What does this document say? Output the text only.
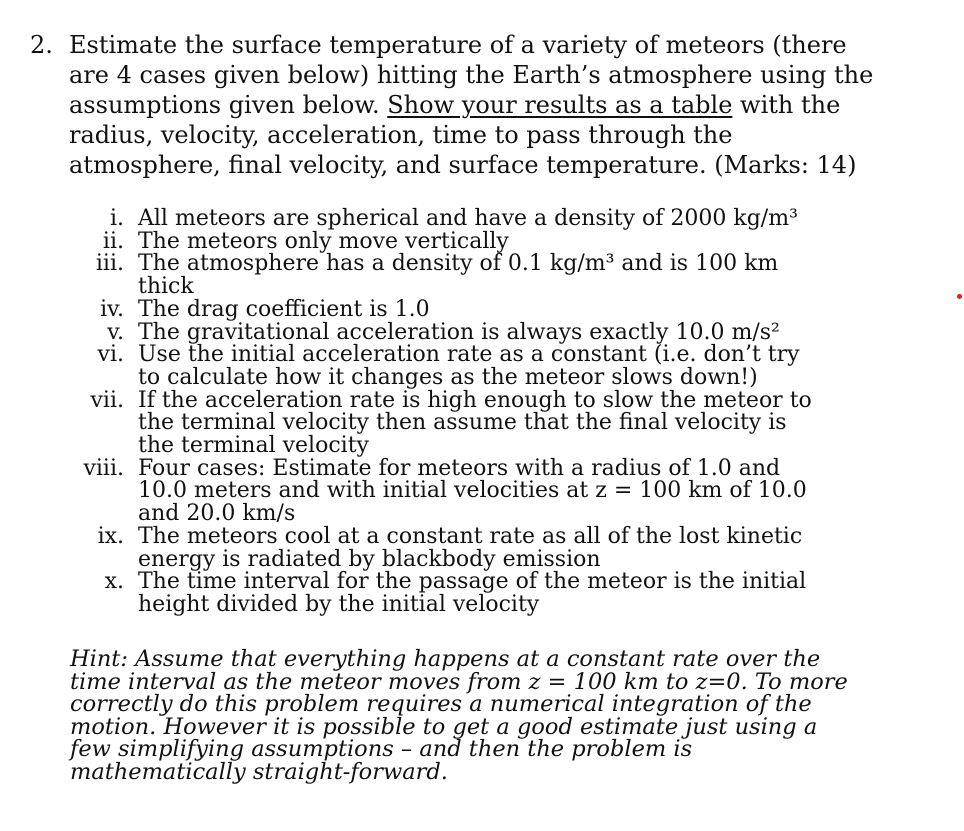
2. Estimate the surface temperature of a variety of meteors (there
are 4 cases given below) hitting the Earth’s atmosphere using the
assumptions given below. Show your results as a table with the
radius, velocity, acceleration, time to pass through the
atmosphere, final velocity, and surface temperature. (Marks: 14)
i. All meteors are spherical and have a density of 2000 kg/m³
ii. The meteors only move vertically
iii. The atmosphere has a density of 0.1 kg/m³ and is 100 km
thick
iv. The drag coefficient is 1.0
v. The gravitational acceleration is always exactly 10.0 m/s²
vi. Use the initial acceleration rate as a constant (i.e. don’t try
to calculate how it changes as the meteor slows down!)
vii. If the acceleration rate is high enough to slow the meteor to
the terminal velocity then assume that the final velocity is
the terminal velocity
viii. Four cases: Estimate for meteors with a radius of 1.0 and
10.0 meters and with initial velocities at z = 100 km of 10.0
and 20.0 km/s
ix. The meteors cool at a constant rate as all of the lost kinetic
energy is radiated by blackbody emission
x. The time interval for the passage of the meteor is the initial
height divided by the initial velocity
Hint: Assume that everything happens at a constant rate over the
time interval as the meteor moves from z = 100 km to z=0. To more
correctly do this problem requires a numerical integration of the
motion. However it is possible to get a good estimate just using a
few simplifying assumptions – and then the problem is
mathematically straight-forward.
